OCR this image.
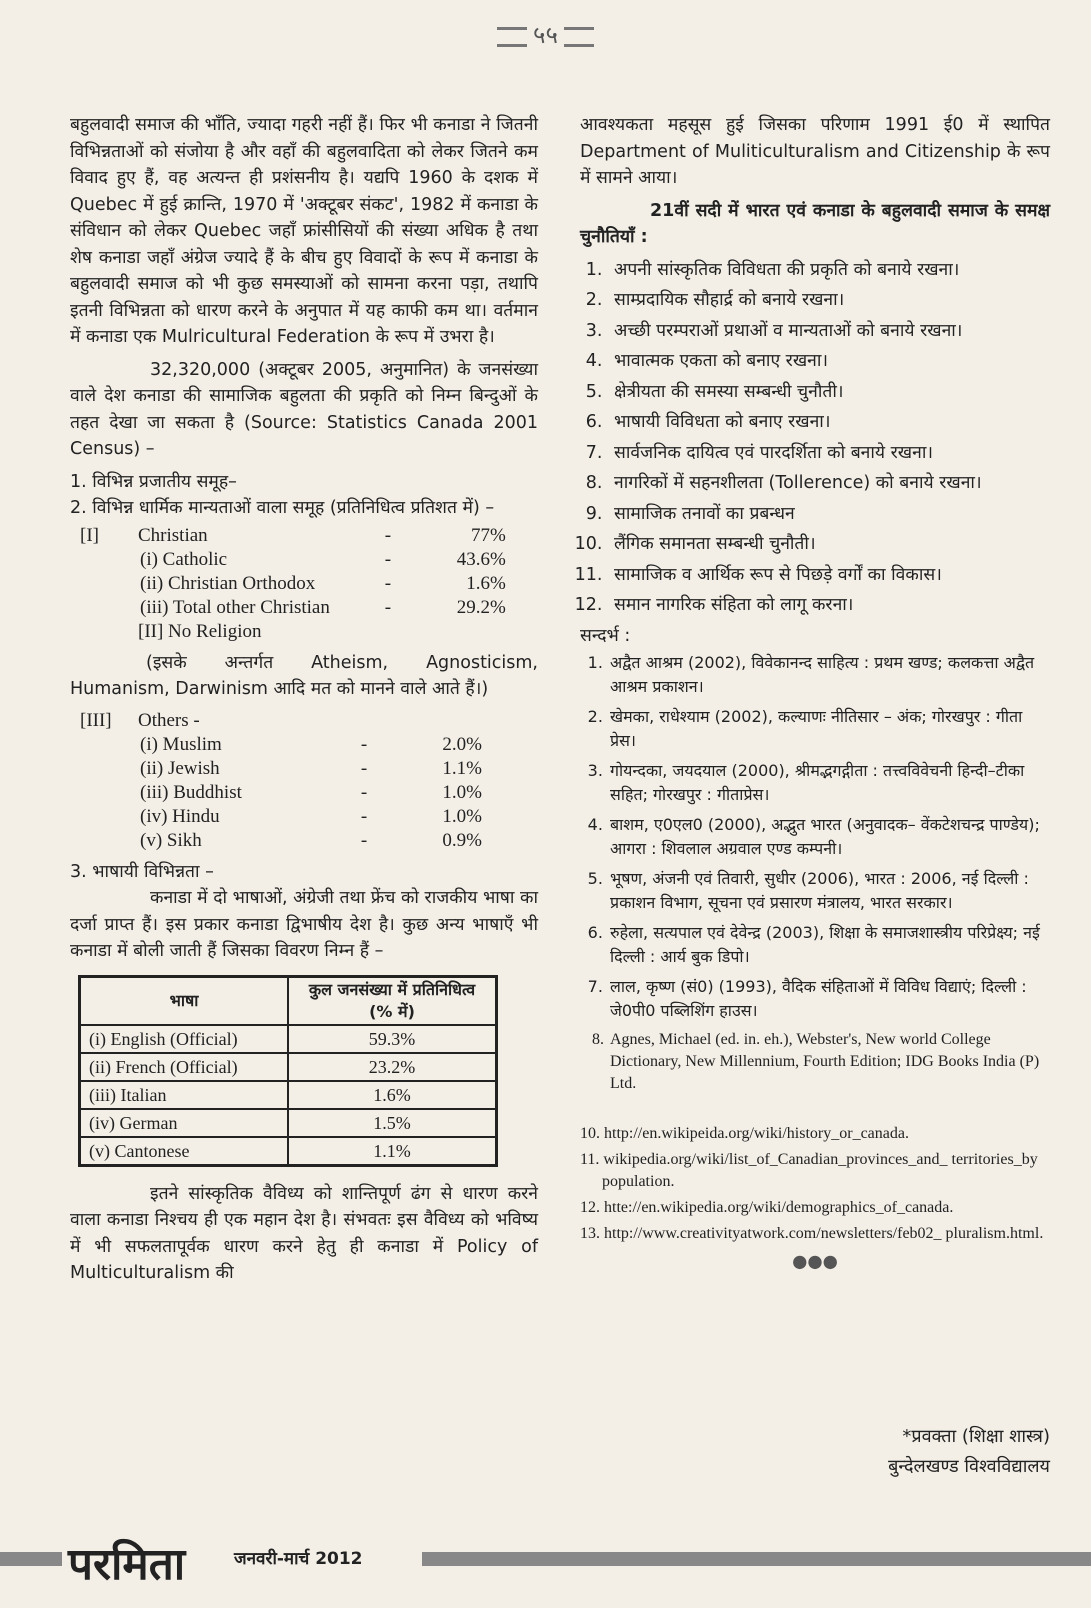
५५

बहुलवादी समाज की भाँति, ज्यादा गहरी नहीं हैं। फिर भी कनाडा ने जितनी विभिन्नताओं को संजोया है और वहाँ की बहुलवादिता को लेकर जितने कम विवाद हुए हैं, वह अत्यन्त ही प्रशंसनीय है। यद्यपि 1960 के दशक में Quebec में हुई क्रान्ति, 1970 में 'अक्टूबर संकट', 1982 में कनाडा के संविधान को लेकर Quebec जहाँ फ्रांसीसियों की संख्या अधिक है तथा शेष कनाडा जहाँ अंग्रेज ज्यादे हैं के बीच हुए विवादों के रूप में कनाडा के बहुलवादी समाज को भी कुछ समस्याओं को सामना करना पड़ा, तथापि इतनी विभिन्नता को धारण करने के अनुपात में यह काफी कम था। वर्तमान में कनाडा एक Mulricultural Federation के रूप में उभरा है।

32,320,000 (अक्टूबर 2005, अनुमानित) के जनसंख्या वाले देश कनाडा की सामाजिक बहुलता की प्रकृति को निम्न बिन्दुओं के तहत देखा जा सकता है (Source: Statistics Canada 2001 Census) –

1. विभिन्न प्रजातीय समूह–

2. विभिन्न धार्मिक मान्यताओं वाला समूह (प्रतिनिधित्व प्रतिशत में) –

[I]	Christian	-	77%
	(i) Catholic	-	43.6%
	(ii) Christian Orthodox	-	1.6%
	(iii) Total other Christian	-	29.2%
	[II] No Religion		

(इसके अन्तर्गत Atheism, Agnosticism, Humanism, Darwinism आदि मत को मानने वाले आते हैं।)

[III]	Others -		
	(i) Muslim	-	2.0%
	(ii) Jewish	-	1.1%
	(iii) Buddhist	-	1.0%
	(iv) Hindu	-	1.0%
	(v) Sikh	-	0.9%

3. भाषायी विभिन्नता –

कनाडा में दो भाषाओं, अंग्रेजी तथा फ्रेंच को राजकीय भाषा का दर्जा प्राप्त हैं। इस प्रकार कनाडा द्विभाषीय देश है। कुछ अन्य भाषाएँ भी कनाडा में बोली जाती हैं जिसका विवरण निम्न हैं –

भाषा	कुल जनसंख्या में प्रतिनिधित्व (% में)
(i) English (Official)	59.3%
(ii) French (Official)	23.2%
(iii) Italian	1.6%
(iv) German	1.5%
(v) Cantonese	1.1%

इतने सांस्कृतिक वैविध्य को शान्तिपूर्ण ढंग से धारण करने वाला कनाडा निश्चय ही एक महान देश है। संभवतः इस वैविध्य को भविष्य में भी सफलतापूर्वक धारण करने हेतु ही कनाडा में Policy of Multiculturalism की

आवश्यकता महसूस हुई जिसका परिणाम 1991 ई0 में स्थापित Department of Muliticulturalism and Citizenship के रूप में सामने आया।

21वीं सदी में भारत एवं कनाडा के बहुलवादी समाज के समक्ष चुनौतियाँ :

1. अपनी सांस्कृतिक विविधता की प्रकृति को बनाये रखना।
2. साम्प्रदायिक सौहार्द्र को बनाये रखना।
3. अच्छी परम्पराओं प्रथाओं व मान्यताओं को बनाये रखना।
4. भावात्मक एकता को बनाए रखना।
5. क्षेत्रीयता की समस्या सम्बन्धी चुनौती।
6. भाषायी विविधता को बनाए रखना।
7. सार्वजनिक दायित्व एवं पारदर्शिता को बनाये रखना।
8. नागरिकों में सहनशीलता (Tollerence) को बनाये रखना।
9. सामाजिक तनावों का प्रबन्धन
10. लैंगिक समानता सम्बन्धी चुनौती।
11. सामाजिक व आर्थिक रूप से पिछड़े वर्गों का विकास।
12. समान नागरिक संहिता को लागू करना।

सन्दर्भ :

1. अद्वैत आश्रम (2002), विवेकानन्द साहित्य : प्रथम खण्ड; कलकत्ता अद्वैत आश्रम प्रकाशन।
2. खेमका, राधेश्याम (2002), कल्याणः नीतिसार – अंक; गोरखपुर : गीता प्रेस।
3. गोयन्दका, जयदयाल (2000), श्रीमद्भगद्गीता : तत्त्वविवेचनी हिन्दी–टीका सहित; गोरखपुर : गीताप्रेस।
4. बाशम, ए0एल0 (2000), अद्भुत भारत (अनुवादक– वेंकटेशचन्द्र पाण्डेय); आगरा : शिवलाल अग्रवाल एण्ड कम्पनी।
5. भूषण, अंजनी एवं तिवारी, सुधीर (2006), भारत : 2006, नई दिल्ली : प्रकाशन विभाग, सूचना एवं प्रसारण मंत्रालय, भारत सरकार।
6. रुहेला, सत्यपाल एवं देवेन्द्र (2003), शिक्षा के समाजशास्त्रीय परिप्रेक्ष्य; नई दिल्ली : आर्य बुक डिपो।
7. लाल, कृष्ण (सं0) (1993), वैदिक संहिताओं में विविध विद्याएं; दिल्ली : जे0पी0 पब्लिशिंग हाउस।
8. Agnes, Michael (ed. in. eh.), Webster's, New world College Dictionary, New Millennium, Fourth Edition; IDG Books India (P) Ltd.
10. http://en.wikipeida.org/wiki/history_or_canada.
11. wikipedia.org/wiki/list_of_Canadian_provinces_and_ territories_by population.
12. htte://en.wikipedia.org/wiki/demographics_of_canada.
13. http://www.creativityatwork.com/newsletters/feb02_ pluralism.html.
●●●
*प्रवक्ता (शिक्षा शास्त्र)
बुन्देलखण्ड विश्वविद्यालय
परमिता	जनवरी-मार्च 2012
